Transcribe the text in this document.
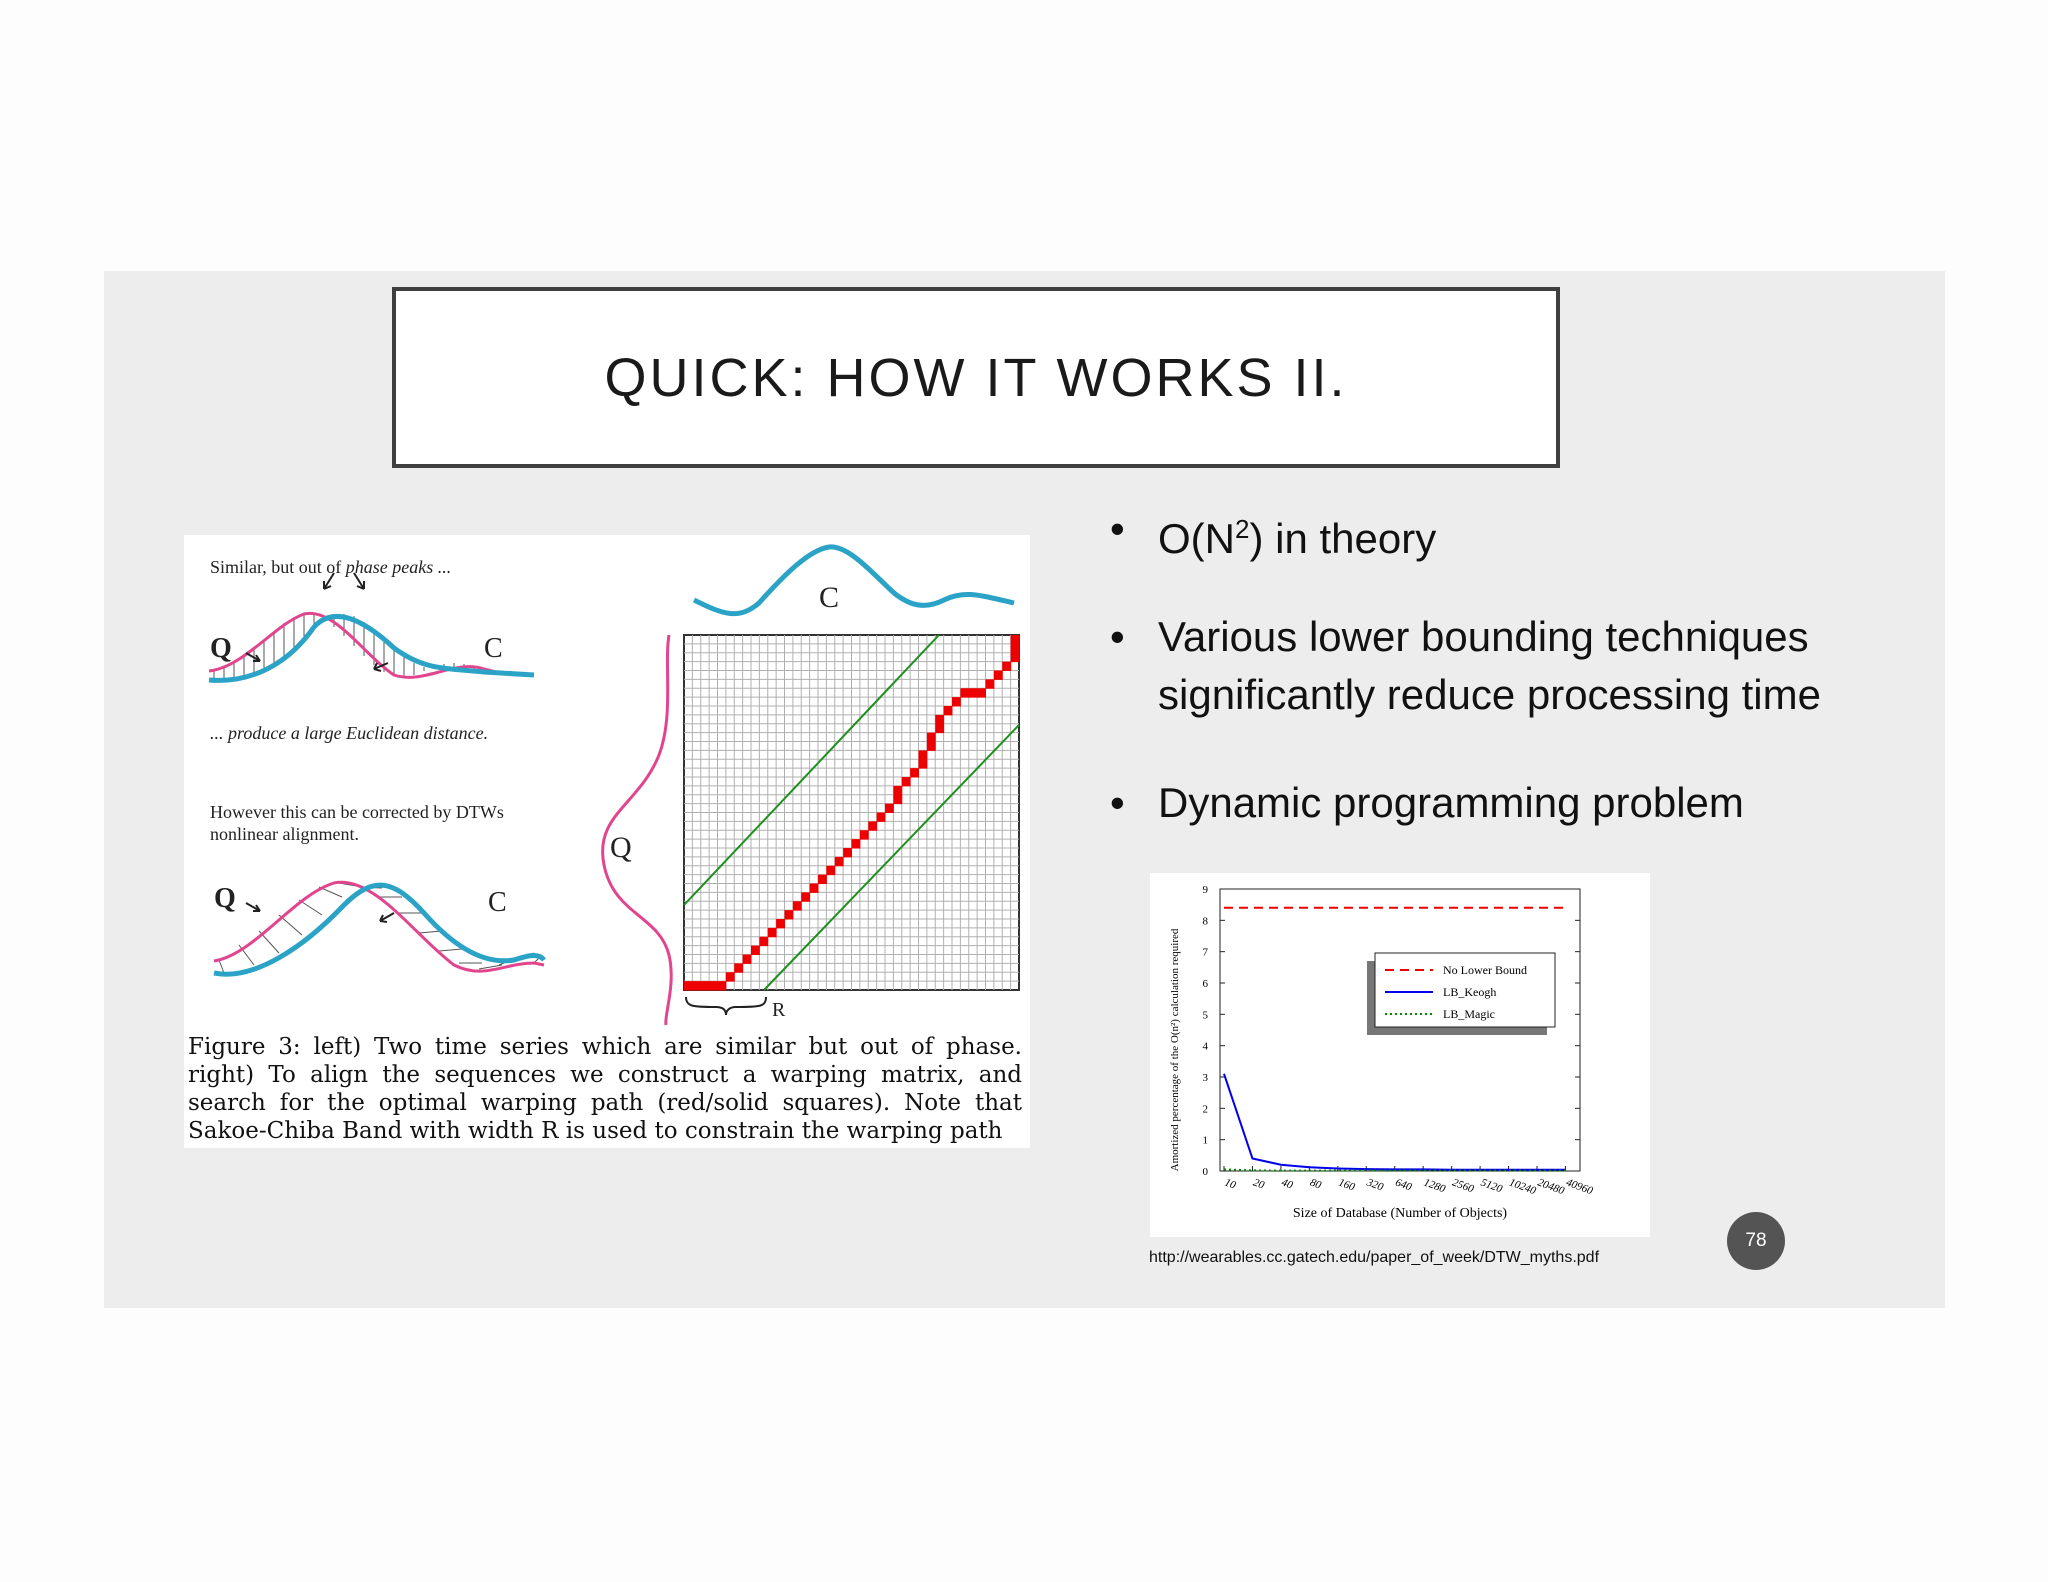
QUICK: HOW IT WORKS II.
• $O(N^2)$ in theory
• Various lower bounding techniques
significantly reduce processing time
• Dynamic programming problem
Similar, but out of phase peaks ...
... produce a large Euclidean distance.
However this can be corrected by DTWs
nonlinear alignment.
Q	C
Q	C
C
Q
R
Figure 3: left) Two time series which are similar but out of phase. right) To align the sequences we construct a warping matrix, and search for the optimal warping path (red/solid squares). Note that Sakoe-Chiba Band with width R is used to constrain the warping path
0
1
2
3
4
5
6
7
8
9
10 20 40 80 160 320 640 1280 2560 5120 10240
20480
40960
No Lower Bound
LB_Keogh
LB_Magic
Size of Database (Number of Objects)
Amortized percentage of the O(n²) calculation required
http://wearables.cc.gatech.edu/paper_of_week/DTW_myths.pdf
78
